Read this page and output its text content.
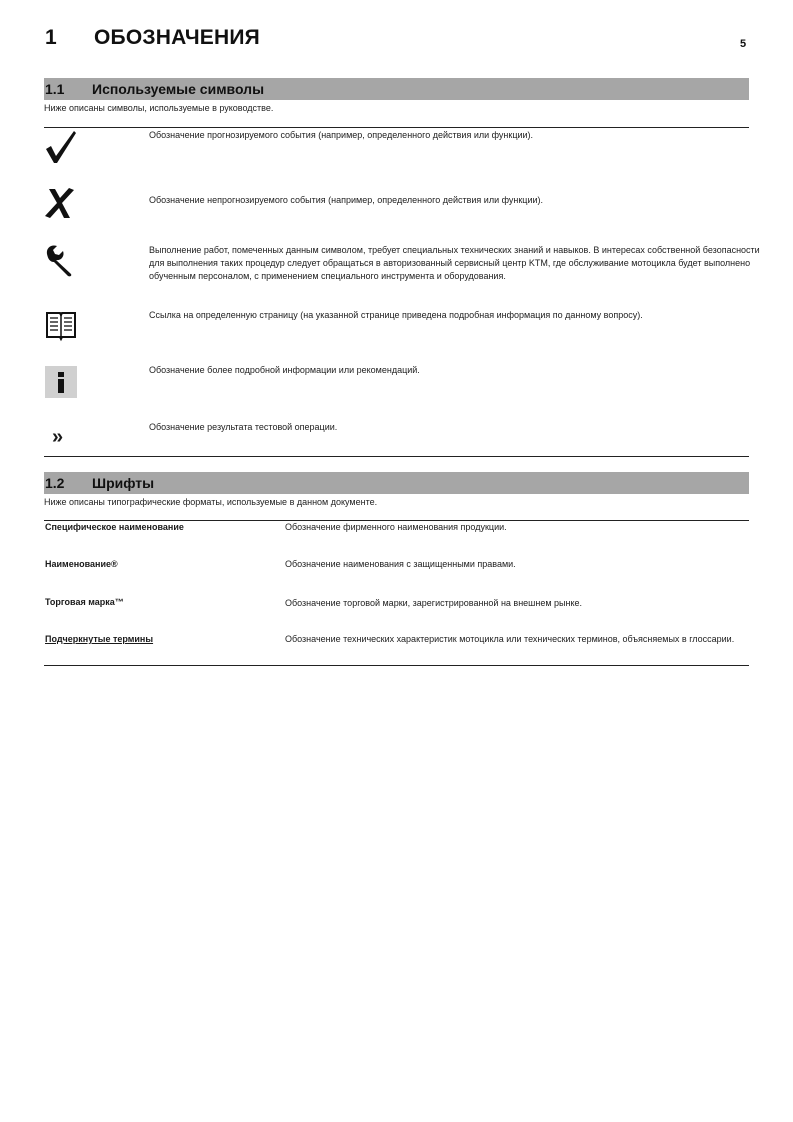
1 ОБОЗНАЧЕНИЯ	5
1.1 Используемые символы
Ниже описаны символы, используемые в руководстве.
Обозначение прогнозируемого события (например, определенного действия или функции).
Обозначение непрогнозируемого события (например, определенного действия или функции).
Выполнение работ, помеченных данным символом, требует специальных технических знаний и навыков. В интересах собственной безопасности для выполнения таких процедур следует обращаться в авторизованный сервисный центр KTM, где обслуживание мотоцикла будет выполнено обученным персоналом, с применением специального инструмента и оборудования.
Ссылка на определенную страницу (на указанной странице приведена подробная информация по данному вопросу).
Обозначение более подробной информации или рекомендаций.
»	Обозначение результата тестовой операции.
1.2 Шрифты
Ниже описаны типографические форматы, используемые в данном документе.
Специфическое наименование	Обозначение фирменного наименования продукции.
Наименование®	Обозначение наименования с защищенными правами.
Торговая марка™	Обозначение торговой марки, зарегистрированной на внешнем рынке.
Подчеркнутые термины	Обозначение технических характеристик мотоцикла или технических терминов, объясняемых в глоссарии.
